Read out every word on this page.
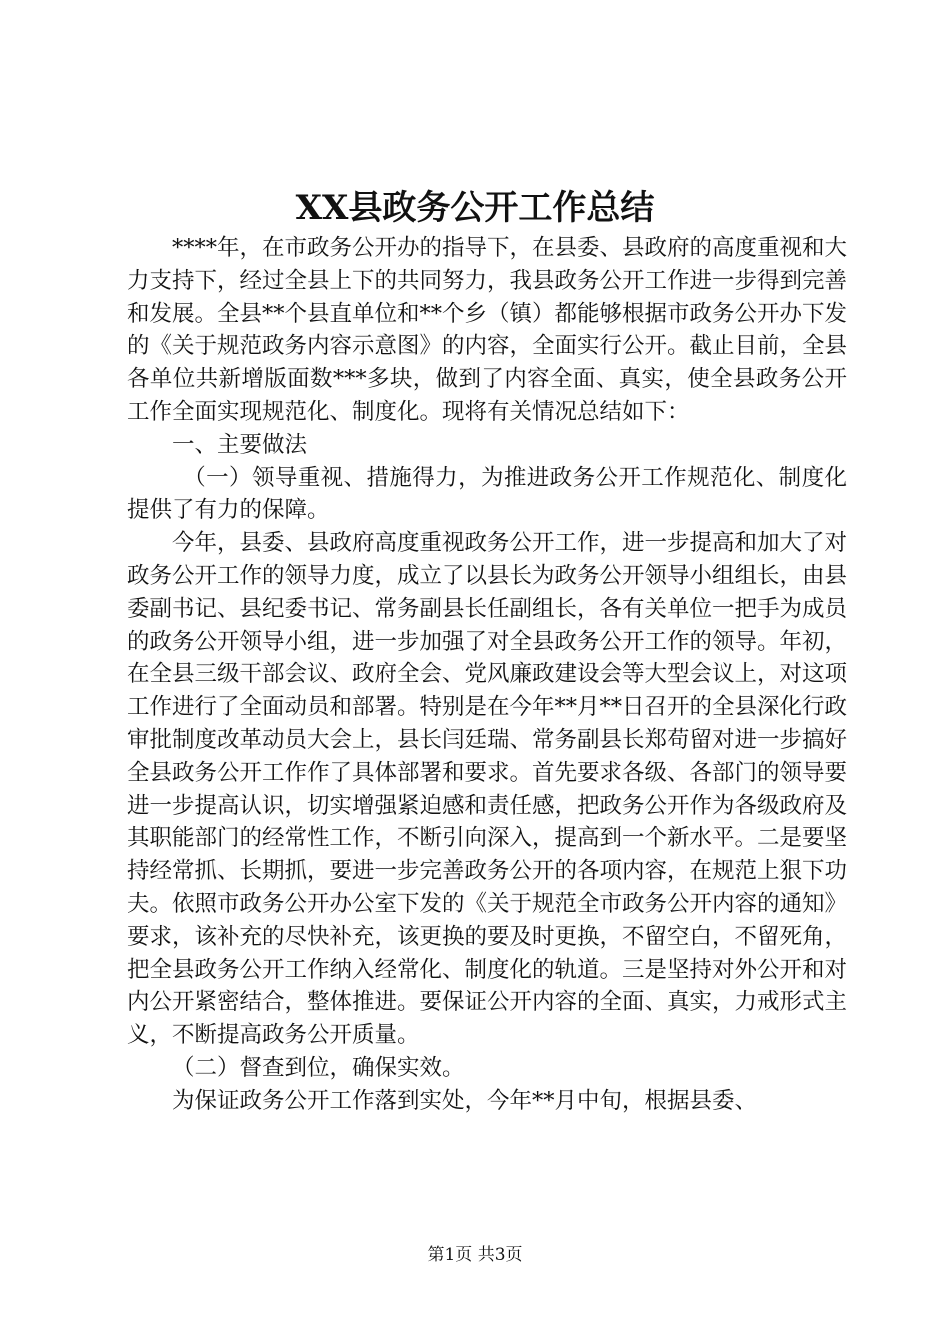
XX县政务公开工作总结

****年，在市政务公开办的指导下，在县委、县政府的高度重视和大力支持下，经过全县上下的共同努力，我县政务公开工作进一步得到完善和发展。全县**个县直单位和**个乡（镇）都能够根据市政务公开办下发的《关于规范政务内容示意图》的内容，全面实行公开。截止目前，全县各单位共新增版面数***多块，做到了内容全面、真实，使全县政务公开工作全面实现规范化、制度化。现将有关情况总结如下：

一、主要做法

（一）领导重视、措施得力，为推进政务公开工作规范化、制度化提供了有力的保障。

今年，县委、县政府高度重视政务公开工作，进一步提高和加大了对政务公开工作的领导力度，成立了以县长为政务公开领导小组组长，由县委副书记、县纪委书记、常务副县长任副组长，各有关单位一把手为成员的政务公开领导小组，进一步加强了对全县政务公开工作的领导。年初，在全县三级干部会议、政府全会、党风廉政建设会等大型会议上，对这项工作进行了全面动员和部署。特别是在今年**月**日召开的全县深化行政审批制度改革动员大会上，县长闫廷瑞、常务副县长郑苟留对进一步搞好全县政务公开工作作了具体部署和要求。首先要求各级、各部门的领导要进一步提高认识，切实增强紧迫感和责任感，把政务公开作为各级政府及其职能部门的经常性工作，不断引向深入，提高到一个新水平。二是要坚持经常抓、长期抓，要进一步完善政务公开的各项内容，在规范上狠下功夫。依照市政务公开办公室下发的《关于规范全市政务公开内容的通知》要求，该补充的尽快补充，该更换的要及时更换，不留空白，不留死角，把全县政务公开工作纳入经常化、制度化的轨道。三是坚持对外公开和对内公开紧密结合，整体推进。要保证公开内容的全面、真实，力戒形式主义，不断提高政务公开质量。

（二）督查到位，确保实效。

为保证政务公开工作落到实处，今年**月中旬，根据县委、

第1页 共3页
